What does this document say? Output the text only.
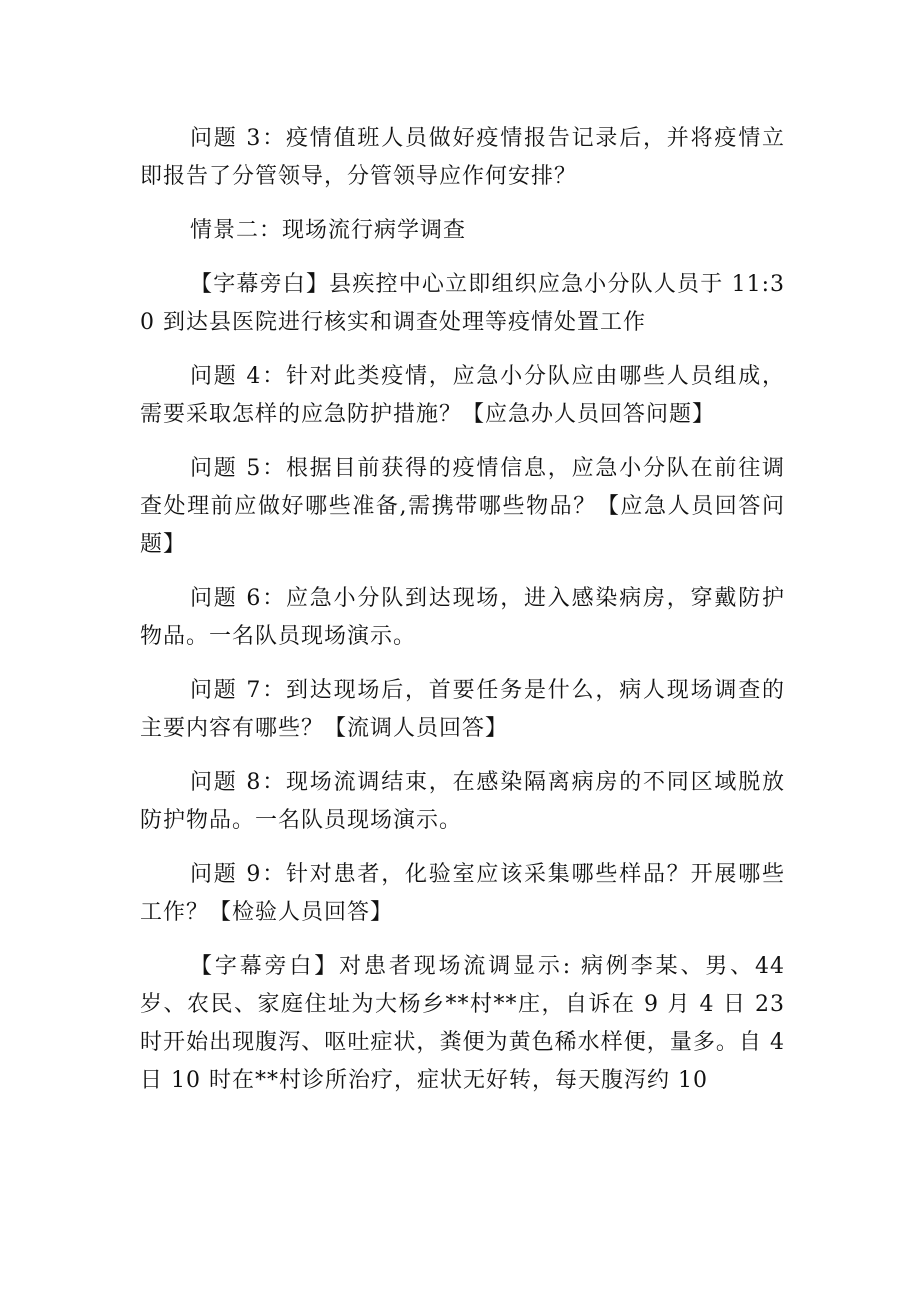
问题 3：疫情值班人员做好疫情报告记录后，并将疫情立即报告了分管领导，分管领导应作何安排？

情景二：现场流行病学调查

【字幕旁白】县疾控中心立即组织应急小分队人员于 11:30 到达县医院进行核实和调查处理等疫情处置工作

问题 4：针对此类疫情，应急小分队应由哪些人员组成，需要采取怎样的应急防护措施？【应急办人员回答问题】

问题 5：根据目前获得的疫情信息，应急小分队在前往调查处理前应做好哪些准备,需携带哪些物品？【应急人员回答问题】

问题 6：应急小分队到达现场，进入感染病房，穿戴防护物品。一名队员现场演示。

问题 7：到达现场后，首要任务是什么，病人现场调查的主要内容有哪些？【流调人员回答】

问题 8：现场流调结束，在感染隔离病房的不同区域脱放防护物品。一名队员现场演示。

问题 9：针对患者，化验室应该采集哪些样品？开展哪些工作？【检验人员回答】

【字幕旁白】对患者现场流调显示: 病例李某、男、44 岁、农民、家庭住址为大杨乡**村**庄，自诉在 9 月 4 日 23 时开始出现腹泻、呕吐症状，粪便为黄色稀水样便，量多。自 4 日 10 时在**村诊所治疗，症状无好转，每天腹泻约 10
